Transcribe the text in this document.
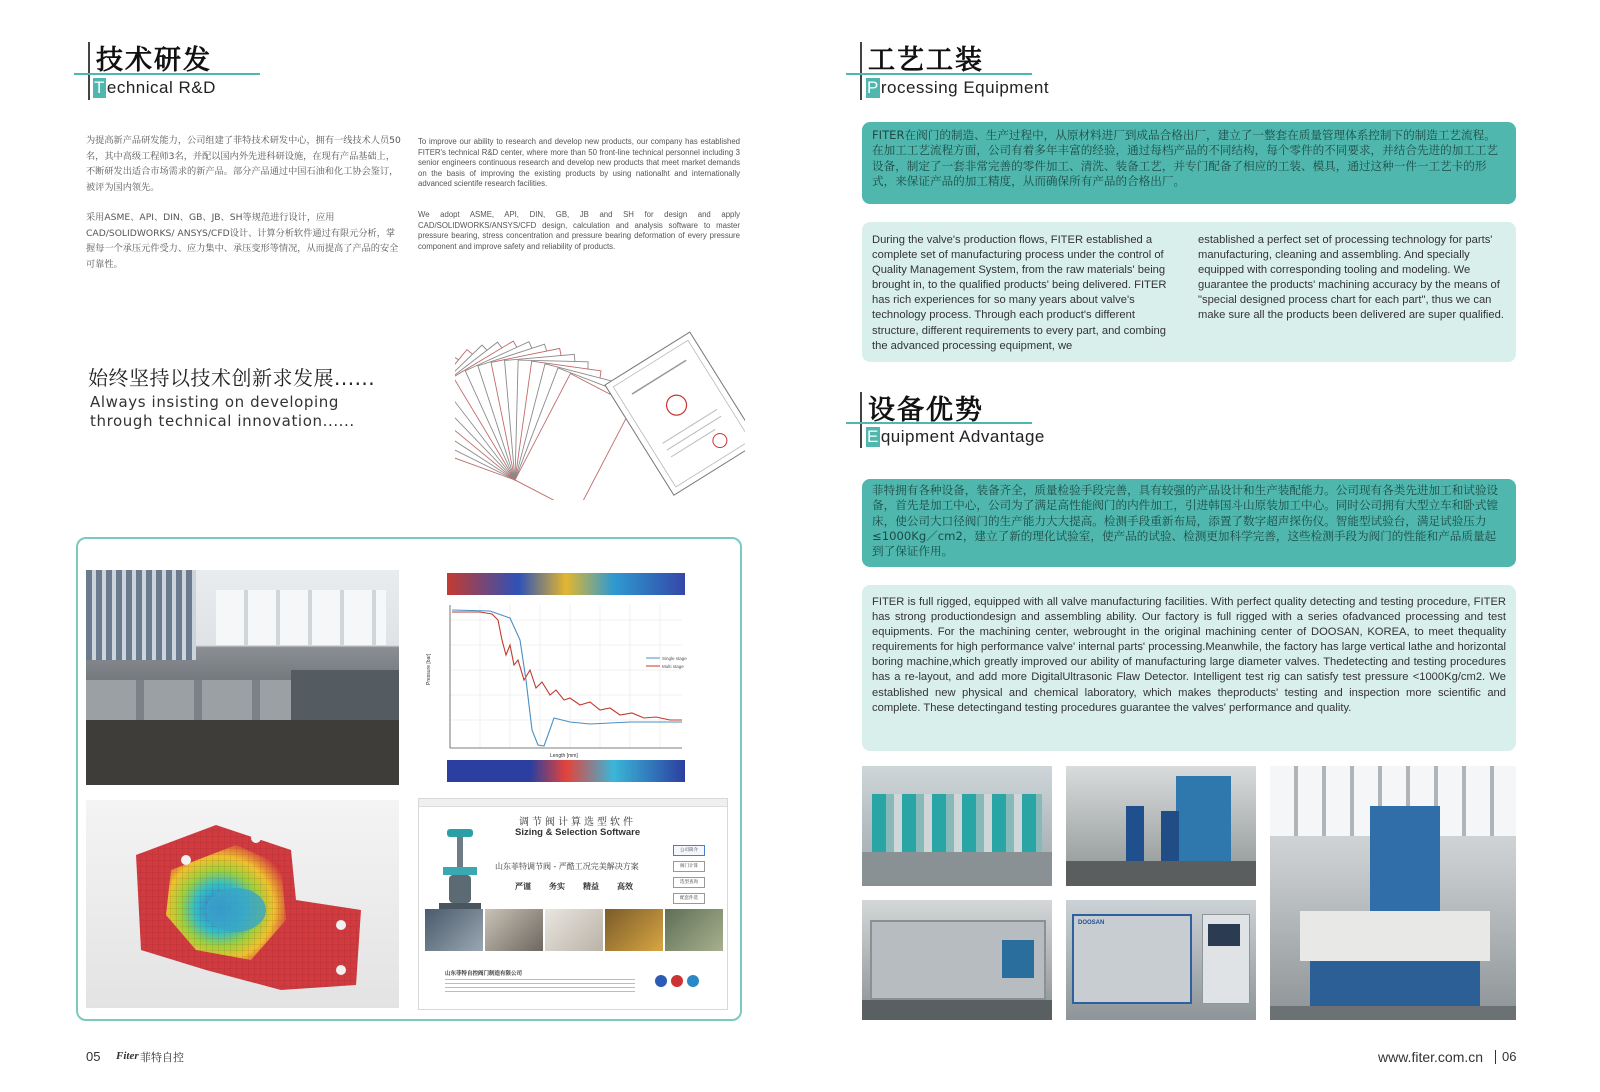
技术研发
T echnical R&D
为提高新产品研发能力，公司组建了菲特技术研发中心，拥有一线技术人员50名，其中高级工程师3名，并配以国内外先进科研设施，在现有产品基础上，不断研发出适合市场需求的新产品。部分产品通过中国石油和化工协会鉴订，被评为国内领先。
To improve our ability to research and develop new products, our company has established FITER's technical R&D center, where more than 50 front-line technical personnel including 3 senior engineers continuous research and develop new products that meet market demands on the basis of improving the existing products by using nationalht and internationally advanced scientife research facilities.
采用ASME、API、DIN、GB、JB、SH等规范进行设计，应用CAD/SOLIDWORKS/ ANSYS/CFD设计、计算分析软件通过有限元分析，掌握每一个承压元件受力、应力集中、承压变形等情况，从而提高了产品的安全可靠性。
We adopt ASME, API, DIN, GB, JB and SH for design and apply CAD/SOLIDWORKS/ANSYS/CFD design, calculation and analysis software to master pressure bearing, stress concentration and pressure bearing deformation of every pressure component and improve safety and reliability of products.
始终坚持以技术创新求发展......
Always insisting on developing
through technical innovation......
Single stage
Multi stage
Length [mm]
Pressure [bar]
调节阀计算选型软件
Sizing & Selection Software
山东菲特调节阀 - 严酷工况完美解决方案
严谨 务实 精益 高效
公司简介
阀门计算
选型查询
配套件选
山东菲特自控阀门制造有限公司
05 Fiter 菲特自控
工艺工装
P rocessing Equipment

FITER在阀门的制造、生产过程中，从原材料进厂到成品合格出厂，建立了一整套在质量管理体系控制下的制造工艺流程。在加工工艺流程方面，公司有着多年丰富的经验，通过每档产品的不同结构，每个零件的不同要求，并结合先进的加工工艺设备，制定了一套非常完善的零件加工、清洗、装备工艺，并专门配备了相应的工装、模具，通过这种一件一工艺卡的形式，来保证产品的加工精度，从而确保所有产品的合格出厂。

During the valve's production flows, FITER established a complete set of manufacturing process under the control of Quality Management System, from the raw materials' being brought in, to the qualified products' being delivered. FITER has rich experiences for so many years about valve's technology process. Through each product's different structure, different requirements to every part, and combing the advanced processing equipment, we

established a perfect set of processing technology for parts' manufacturing, cleaning and assembling. And specially equipped with corresponding tooling and modeling. We guarantee the products' machining accuracy by the means of "special designed process chart for each part", thus we can make sure all the products been delivered are super qualified.

设备优势
E quipment Advantage

菲特拥有各种设备，装备齐全，质量检验手段完善，具有较强的产品设计和生产装配能力。公司现有各类先进加工和试验设备，首先是加工中心，公司为了满足高性能阀门的内件加工，引进韩国斗山原装加工中心。同时公司拥有大型立车和卧式镗床，使公司大口径阀门的生产能力大大提高。检测手段重新布局，添置了数字超声探伤仪。智能型试验台，满足试验压力≤1000Kg／cm2，建立了新的理化试验室，使产品的试验、检测更加科学完善，这些检测手段为阀门的性能和产品质量起到了保证作用。

FITER is full rigged, equipped with all valve manufacturing facilities. With perfect quality detecting and testing procedure, FITER has strong productiondesign and assembling ability. Our factory is full rigged with a series ofadvanced processing and test equipments. For the machining center, webrought in the original machining center of DOOSAN, KOREA, to meet thequality requirements for high performance valve' internal parts' processing.Meanwhile, the factory has large vertical lathe and horizontal boring machine,which greatly improved our ability of manufacturing large diameter valves. Thedetecting and testing procedures has a re-layout, and add more DigitalUltrasonic Flaw Detector. Intelligent test rig can satisfy test pressure <1000Kg/cm2. We established new physical and chemical laboratory, which makes theproducts' testing and inspection more scientific and complete. These detectingand testing procedures guarantee the valves' performance and quality.

DOOSAN
www.fiter.com.cn 06
